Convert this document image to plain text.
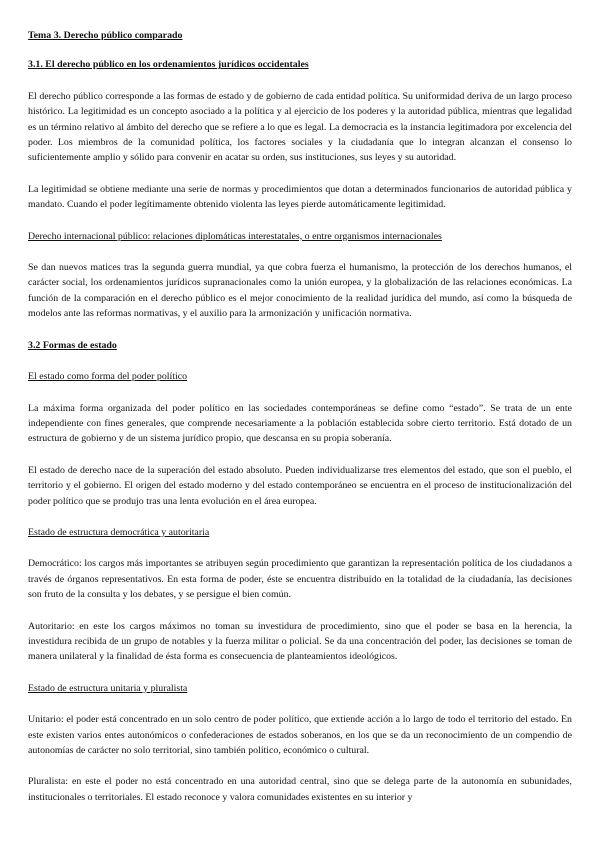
Tema 3. Derecho público comparado

3.1. El derecho público en los ordenamientos jurídicos occidentales

El derecho público corresponde a las formas de estado y de gobierno de cada entidad política. Su uniformidad deriva de un largo proceso histórico. La legitimidad es un concepto asociado a la política y al ejercicio de los poderes y la autoridad pública, mientras que legalidad es un término relativo al ámbito del derecho que se refiere a lo que es legal. La democracia es la instancia legitimadora por excelencia del poder. Los miembros de la comunidad política, los factores sociales y la ciudadanía que lo integran alcanzan el consenso lo suficientemente amplio y sólido para convenir en acatar su orden, sus instituciones, sus leyes y su autoridad.

La legitimidad se obtiene mediante una serie de normas y procedimientos que dotan a determinados funcionarios de autoridad pública y mandato. Cuando el poder legítimamente obtenido violenta las leyes pierde automáticamente legitimidad.

Derecho internacional público: relaciones diplomáticas interestatales, o entre organismos internacionales

Se dan nuevos matices tras la segunda guerra mundial, ya que cobra fuerza el humanismo, la protección de los derechos humanos, el carácter social, los ordenamientos jurídicos supranacionales como la unión europea, y la globalización de las relaciones económicas. La función de la comparación en el derecho público es el mejor conocimiento de la realidad jurídica del mundo, así como la búsqueda de modelos ante las reformas normativas, y el auxilio para la armonización y unificación normativa.

3.2 Formas de estado

El estado como forma del poder político

La máxima forma organizada del poder político en las sociedades contemporáneas se define como “estado”. Se trata de un ente independiente con fines generales, que comprende necesariamente a la población establecida sobre cierto territorio. Está dotado de un estructura de gobierno y de un sistema jurídico propio, que descansa en su propia soberanía.

El estado de derecho nace de la superación del estado absoluto. Pueden individualizarse tres elementos del estado, que son el pueblo, el territorio y el gobierno. El origen del estado moderno y del estado contemporáneo se encuentra en el proceso de institucionalización del poder político que se produjo tras una lenta evolución en el área europea.

Estado de estructura democrática y autoritaria

Democrático: los cargos más importantes se atribuyen según procedimiento que garantizan la representación política de los ciudadanos a través de órganos representativos. En esta forma de poder, éste se encuentra distribuido en la totalidad de la ciudadanía, las decisiones son fruto de la consulta y los debates, y se persigue el bien común.

Autoritario: en este los cargos máximos no toman su investidura de procedimiento, sino que el poder se basa en la herencia, la investidura recibida de un grupo de notables y la fuerza militar o policial. Se da una concentración del poder, las decisiones se toman de manera unilateral y la finalidad de ésta forma es consecuencia de planteamientos ideológicos.

Estado de estructura unitaria y pluralista

Unitario: el poder está concentrado en un solo centro de poder político, que extiende acción a lo largo de todo el territorio del estado. En este existen varios entes autonómicos o confederaciones de estados soberanos, en los que se da un reconocimiento de un compendio de autonomías de carácter no solo territorial, sino también político, económico o cultural.

Pluralista: en este el poder no está concentrado en una autoridad central, sino que se delega parte de la autonomía en subunidades, institucionales o territoriales. El estado reconoce y valora comunidades existentes en su interior y
